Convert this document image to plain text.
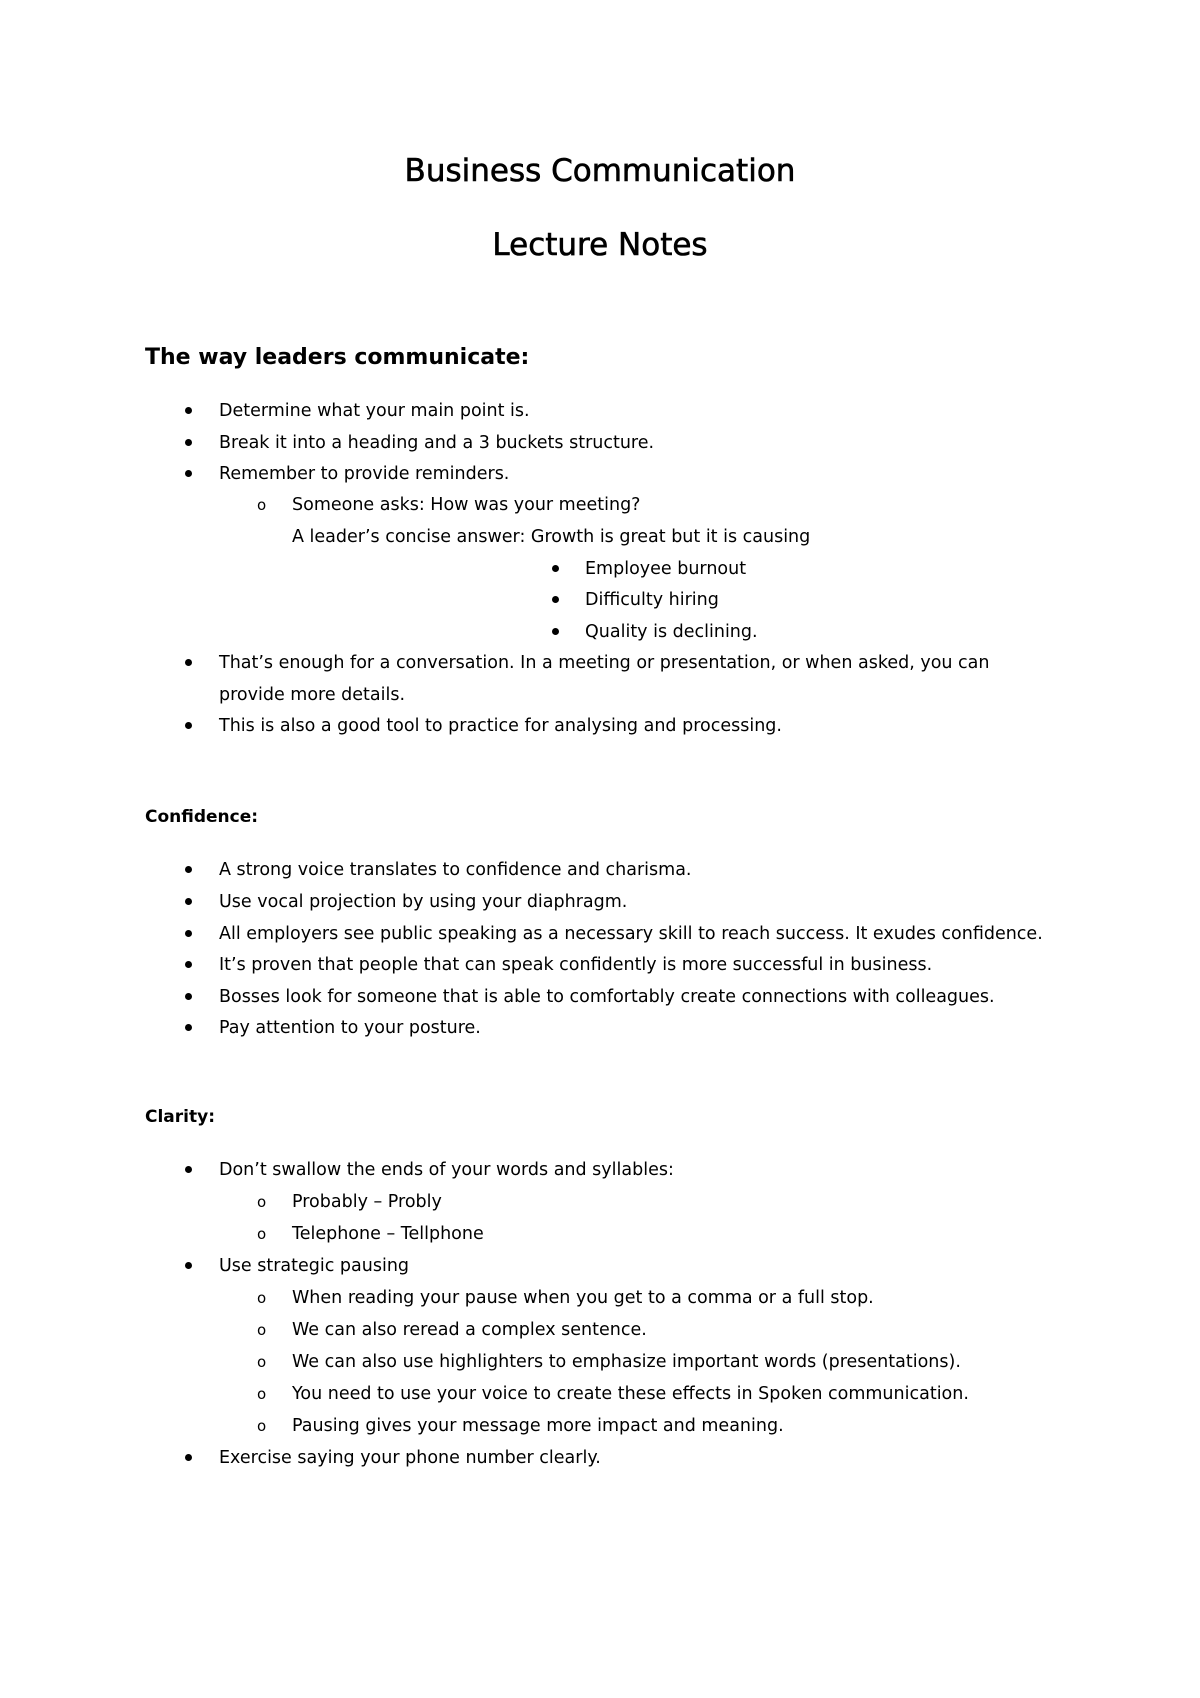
Business Communication
Lecture Notes
The way leaders communicate:
Determine what your main point is.
Break it into a heading and a 3 buckets structure.
Remember to provide reminders.
o Someone asks: How was your meeting?
A leader’s concise answer: Growth is great but it is causing
Employee burnout
Difficulty hiring
Quality is declining.
That’s enough for a conversation. In a meeting or presentation, or when asked, you can
provide more details.
This is also a good tool to practice for analysing and processing.
Confidence:
A strong voice translates to confidence and charisma.
Use vocal projection by using your diaphragm.
All employers see public speaking as a necessary skill to reach success. It exudes confidence.
It’s proven that people that can speak confidently is more successful in business.
Bosses look for someone that is able to comfortably create connections with colleagues.
Pay attention to your posture.
Clarity:
Don’t swallow the ends of your words and syllables:
o Probably – Probly
o Telephone – Tellphone
Use strategic pausing
o When reading your pause when you get to a comma or a full stop.
o We can also reread a complex sentence.
o We can also use highlighters to emphasize important words (presentations).
o You need to use your voice to create these effects in Spoken communication.
o Pausing gives your message more impact and meaning.
Exercise saying your phone number clearly.
